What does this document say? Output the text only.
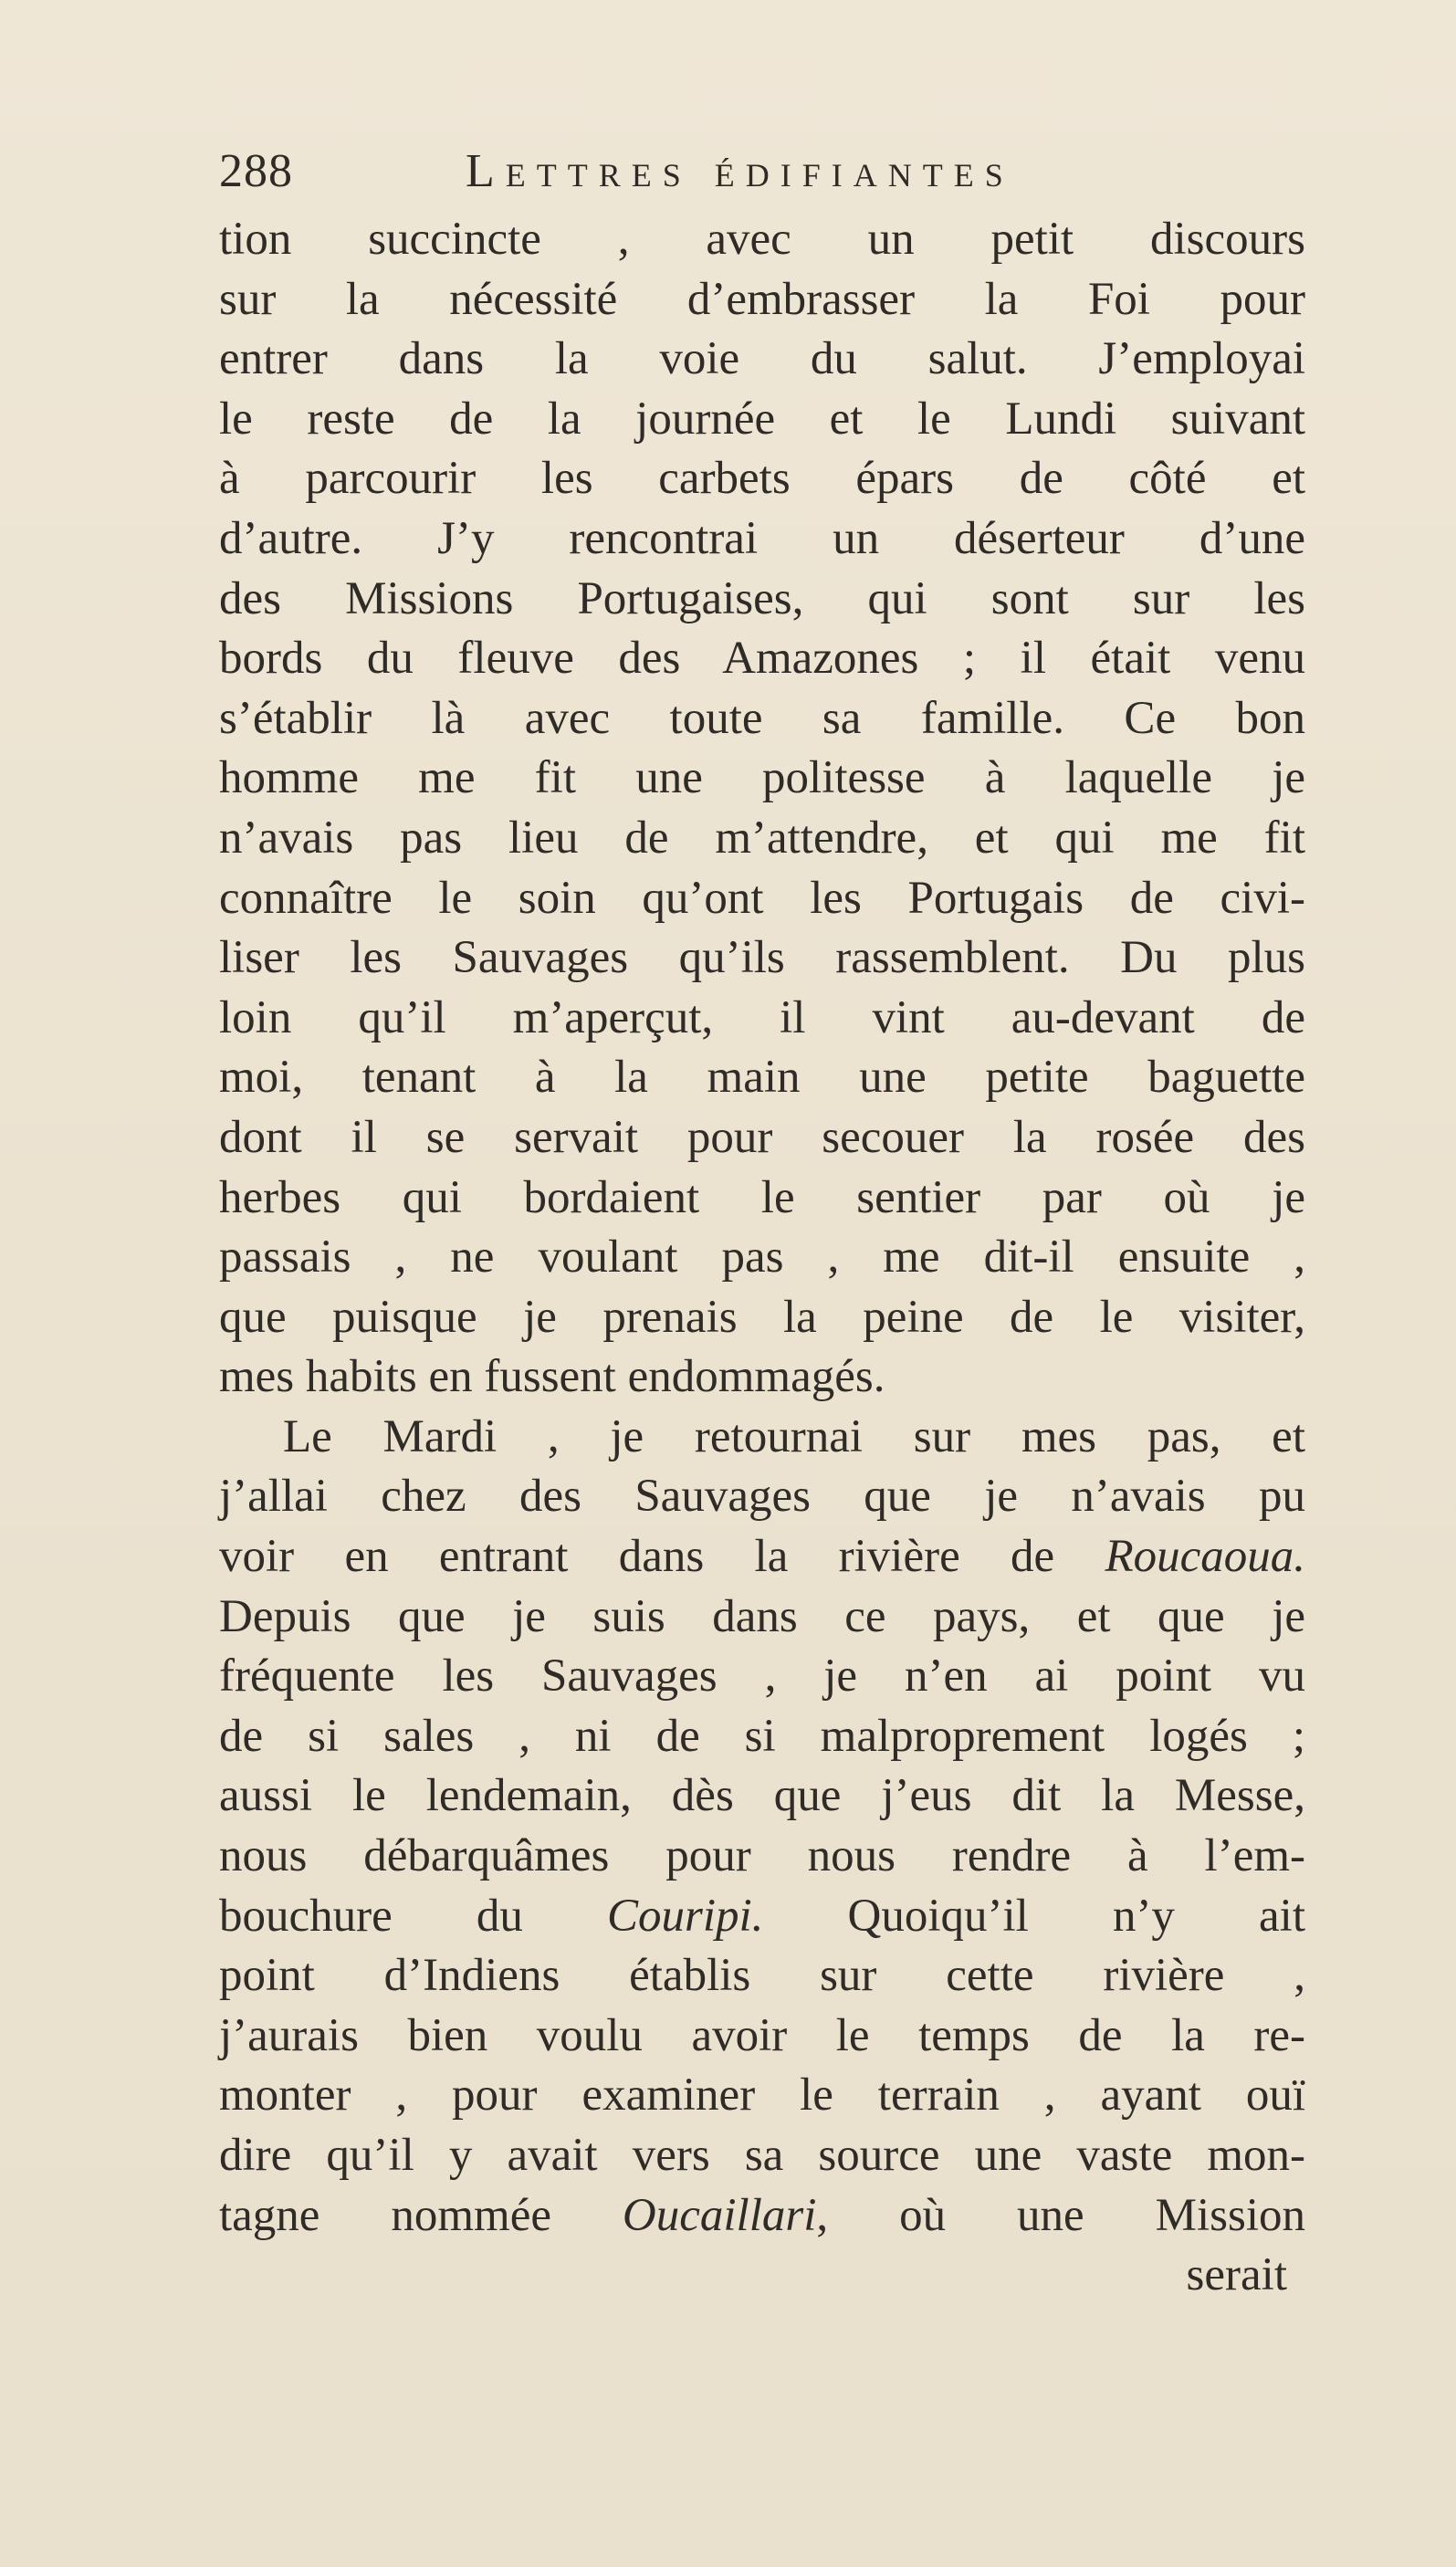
288	Lettres édifiantes
tion succincte , avec un petit discours
sur la nécessité d’embrasser la Foi pour
entrer dans la voie du salut. J’employai
le reste de la journée et le Lundi suivant
à parcourir les carbets épars de côté et
d’autre. J’y rencontrai un déserteur d’une
des Missions Portugaises, qui sont sur les
bords du fleuve des Amazones ; il était venu
s’établir là avec toute sa famille. Ce bon
homme me fit une politesse à laquelle je
n’avais pas lieu de m’attendre, et qui me fit
connaître le soin qu’ont les Portugais de civi-
liser les Sauvages qu’ils rassemblent. Du plus
loin qu’il m’aperçut, il vint au-devant de
moi, tenant à la main une petite baguette
dont il se servait pour secouer la rosée des
herbes qui bordaient le sentier par où je
passais , ne voulant pas , me dit-il ensuite ,
que puisque je prenais la peine de le visiter,
mes habits en fussent endommagés.
Le Mardi , je retournai sur mes pas, et
j’allai chez des Sauvages que je n’avais pu
voir en entrant dans la rivière de Roucaoua.
Depuis que je suis dans ce pays, et que je
fréquente les Sauvages , je n’en ai point vu
de si sales , ni de si malproprement logés ;
aussi le lendemain, dès que j’eus dit la Messe,
nous débarquâmes pour nous rendre à l’em-
bouchure du Couripi. Quoiqu’il n’y ait
point d’Indiens établis sur cette rivière ,
j’aurais bien voulu avoir le temps de la re-
monter , pour examiner le terrain , ayant ouï
dire qu’il y avait vers sa source une vaste mon-
tagne nommée Oucaillari, où une Mission
serait
